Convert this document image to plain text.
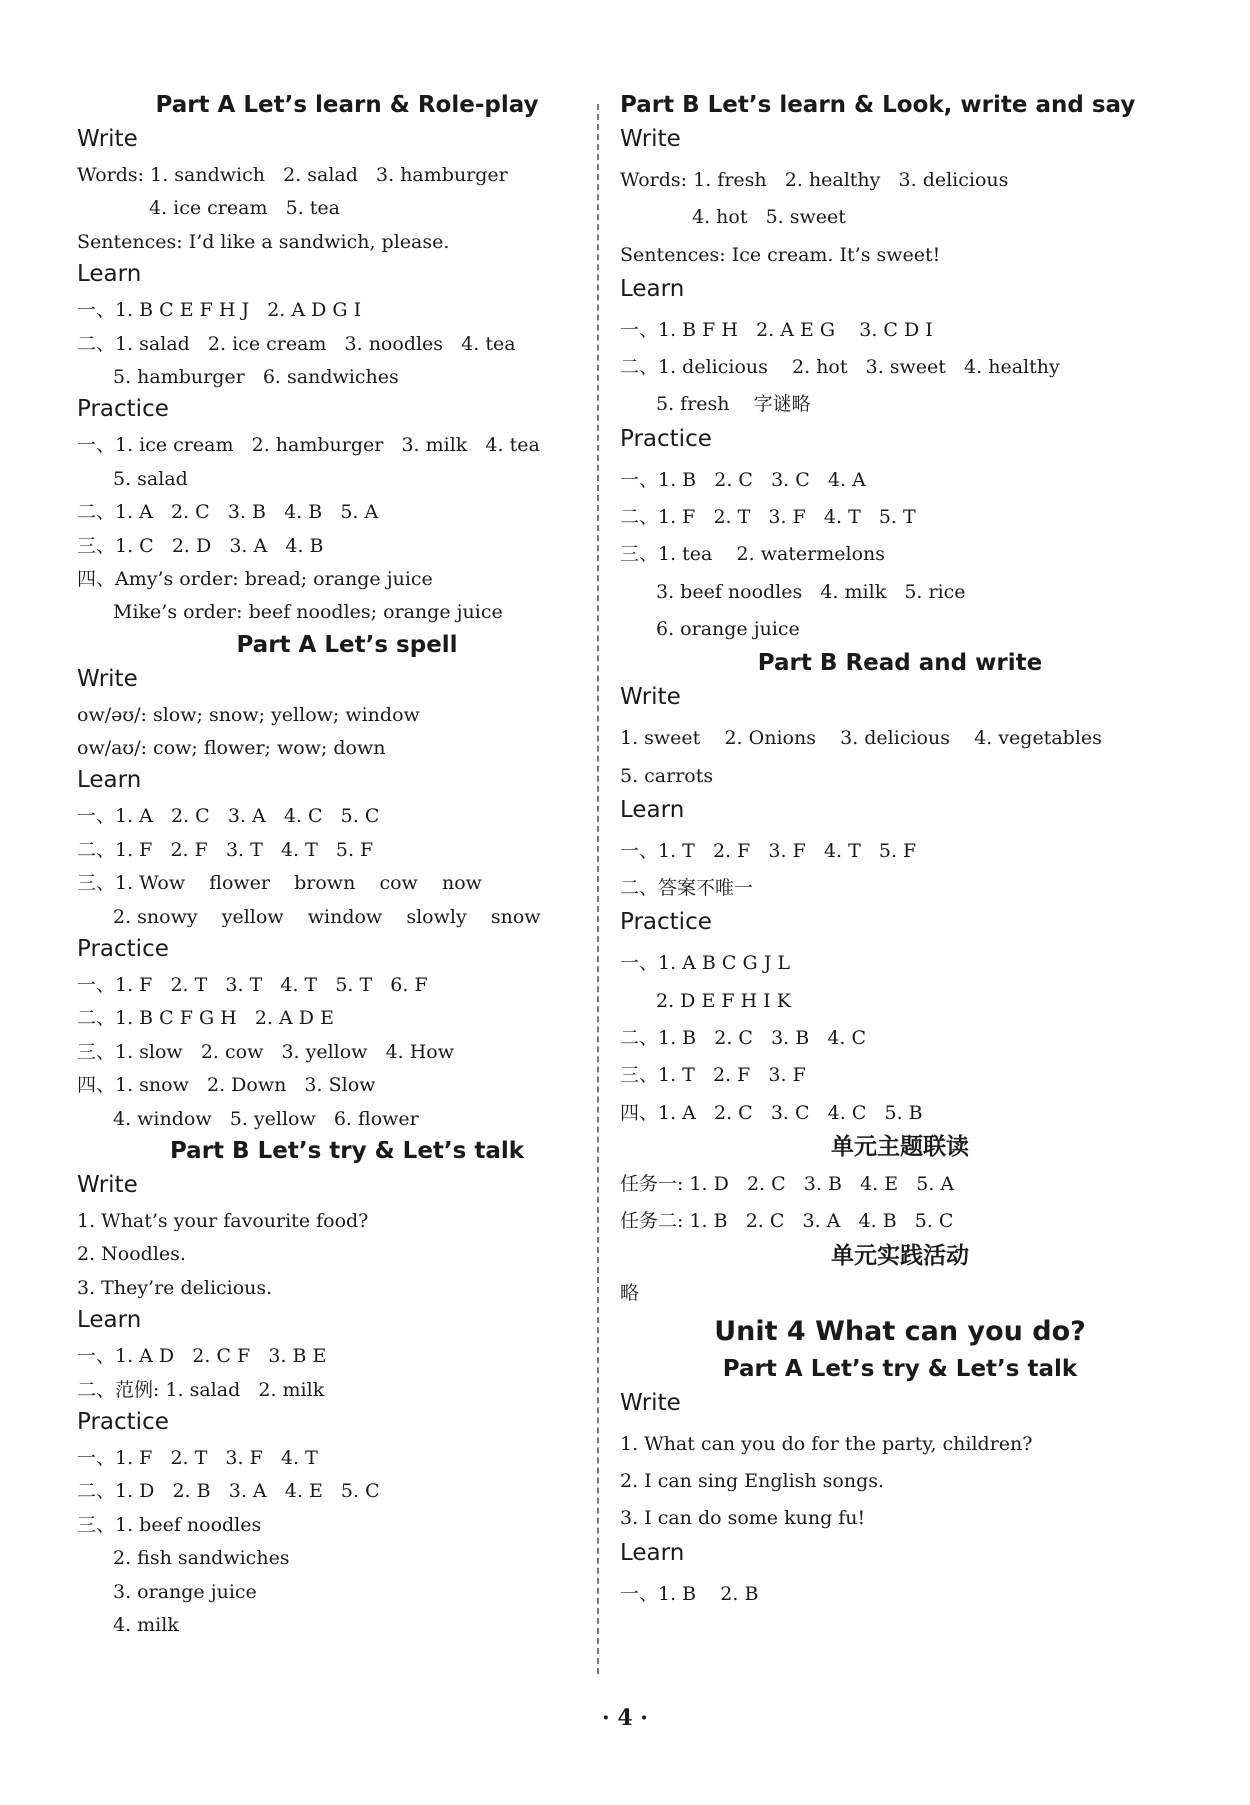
Part A Let’s learn & Role-play
Write
Words: 1. sandwich   2. salad   3. hamburger
4. ice cream   5. tea
Sentences: I’d like a sandwich, please.
Learn
一、1. B C E F H J   2. A D G I
二、1. salad   2. ice cream   3. noodles   4. tea
5. hamburger   6. sandwiches
Practice
一、1. ice cream   2. hamburger   3. milk   4. tea
5. salad
二、1. A   2. C   3. B   4. B   5. A
三、1. C   2. D   3. A   4. B
四、Amy’s order: bread; orange juice
Mike’s order: beef noodles; orange juice
Part A Let’s spell
Write
ow/əʊ/: slow; snow; yellow; window
ow/aʊ/: cow; flower; wow; down
Learn
一、1. A   2. C   3. A   4. C   5. C
二、1. F   2. F   3. T   4. T   5. F
三、1. Wow    flower    brown    cow    now
2. snowy    yellow    window    slowly    snow
Practice
一、1. F   2. T   3. T   4. T   5. T   6. F
二、1. B C F G H   2. A D E
三、1. slow   2. cow   3. yellow   4. How
四、1. snow   2. Down   3. Slow
4. window   5. yellow   6. flower
Part B Let’s try & Let’s talk
Write
1. What’s your favourite food?
2. Noodles.
3. They’re delicious.
Learn
一、1. A D   2. C F   3. B E
二、范例: 1. salad   2. milk
Practice
一、1. F   2. T   3. F   4. T
二、1. D   2. B   3. A   4. E   5. C
三、1. beef noodles
2. fish sandwiches
3. orange juice
4. milk
Part B Let’s learn & Look, write and say
Write
Words: 1. fresh   2. healthy   3. delicious
4. hot   5. sweet
Sentences: Ice cream. It’s sweet!
Learn
一、1. B F H   2. A E G    3. C D I
二、1. delicious    2. hot   3. sweet   4. healthy
5. fresh    字谜略
Practice
一、1. B   2. C   3. C   4. A
二、1. F   2. T   3. F   4. T   5. T
三、1. tea    2. watermelons
3. beef noodles   4. milk   5. rice
6. orange juice
Part B Read and write
Write
1. sweet    2. Onions    3. delicious    4. vegetables
5. carrots
Learn
一、1. T   2. F   3. F   4. T   5. F
二、答案不唯一
Practice
一、1. A B C G J L
2. D E F H I K
二、1. B   2. C   3. B   4. C
三、1. T   2. F   3. F
四、1. A   2. C   3. C   4. C   5. B
单元主题联读
任务一: 1. D   2. C   3. B   4. E   5. A
任务二: 1. B   2. C   3. A   4. B   5. C
单元实践活动
略
Unit 4 What can you do?
Part A Let’s try & Let’s talk
Write
1. What can you do for the party, children?
2. I can sing English songs.
3. I can do some kung fu!
Learn
一、1. B    2. B
· 4 ·
